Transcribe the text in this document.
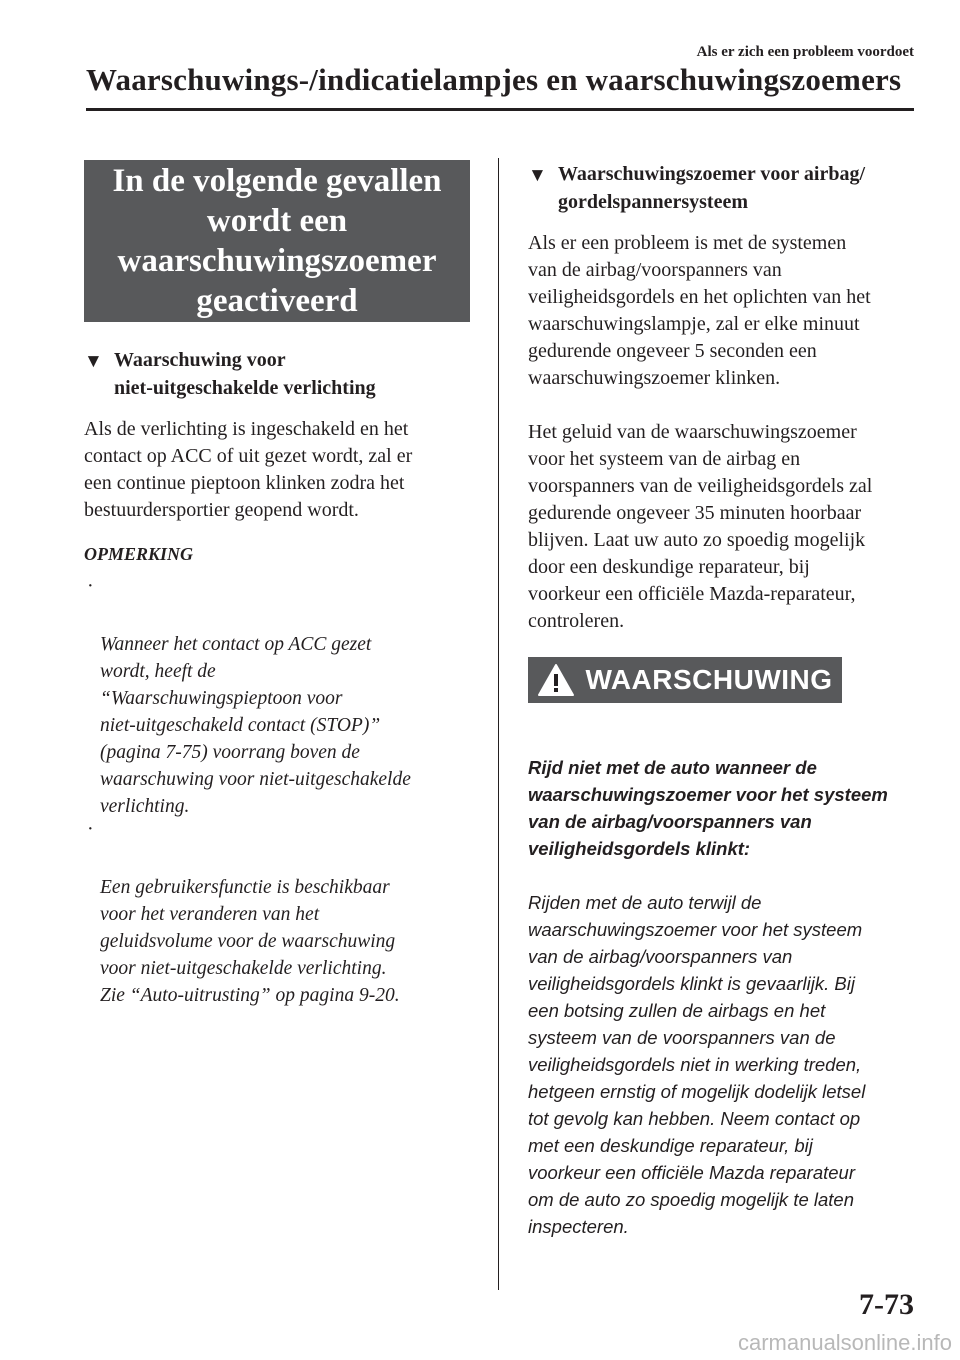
Als er zich een probleem voordoet
Waarschuwings-/indicatielampjes en waarschuwingszoemers
In de volgende gevallen wordt een waarschuwingszoemer geactiveerd
▼ Waarschuwing voor
niet-uitgeschakelde verlichting
Als de verlichting is ingeschakeld en het
contact op ACC of uit gezet wordt, zal er
een continue pieptoon klinken zodra het
bestuurdersportier geopend wordt.
OPMERKING

·

Wanneer het contact op ACC gezet
wordt, heeft de
“Waarschuwingspieptoon voor
niet-uitgeschakeld contact (STOP)”
(pagina 7-75) voorrang boven de
waarschuwing voor niet-uitgeschakelde
verlichting.

·

Een gebruikersfunctie is beschikbaar
voor het veranderen van het
geluidsvolume voor de waarschuwing
voor niet-uitgeschakelde verlichting.
Zie “Auto-uitrusting” op pagina 9-20.

▼ Waarschuwingszoemer voor airbag/
gordelspannersysteem
Als er een probleem is met de systemen
van de airbag/voorspanners van
veiligheidsgordels en het oplichten van het
waarschuwingslampje, zal er elke minuut
gedurende ongeveer 5 seconden een
waarschuwingszoemer klinken.
Het geluid van de waarschuwingszoemer
voor het systeem van de airbag en
voorspanners van de veiligheidsgordels zal
gedurende ongeveer 35 minuten hoorbaar
blijven. Laat uw auto zo spoedig mogelijk
door een deskundige reparateur, bij
voorkeur een officiële Mazda-reparateur,
controleren.
WAARSCHUWING

Rijd niet met de auto wanneer de
waarschuwingszoemer voor het systeem
van de airbag/voorspanners van
veiligheidsgordels klinkt:

Rijden met de auto terwijl de
waarschuwingszoemer voor het systeem
van de airbag/voorspanners van
veiligheidsgordels klinkt is gevaarlijk. Bij
een botsing zullen de airbags en het
systeem van de voorspanners van de
veiligheidsgordels niet in werking treden,
hetgeen ernstig of mogelijk dodelijk letsel
tot gevolg kan hebben. Neem contact op
met een deskundige reparateur, bij
voorkeur een officiële Mazda reparateur
om de auto zo spoedig mogelijk te laten
inspecteren.

7-73
carmanualsonline.info
